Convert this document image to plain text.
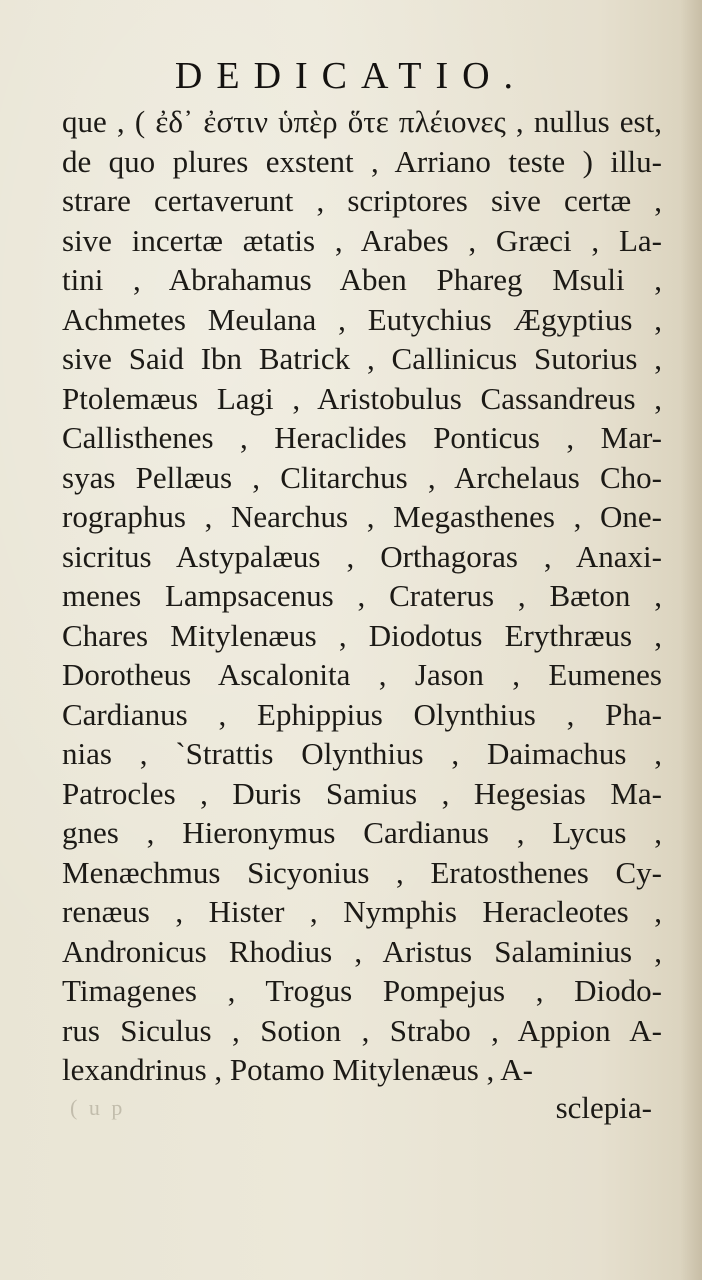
DEDICATIO.
que , ( ἐδ᾽ ἐστιν ὑπὲρ ὅτε πλέιονες , nullus est,
de quo plures exstent , Arriano teste ) illu-
strare certaverunt , scriptores sive certæ ,
sive incertæ ætatis , Arabes , Græci , La-
tini , Abrahamus Aben Phareg Msuli ,
Achmetes Meulana , Eutychius Ægyptius ,
sive Said Ibn Batrick , Callinicus Sutorius ,
Ptolemæus Lagi , Aristobulus Cassandreus ,
Callisthenes , Heraclides Ponticus , Mar-
syas Pellæus , Clitarchus , Archelaus Cho-
rographus , Nearchus , Megasthenes , One-
sicritus Astypalæus , Orthagoras , Anaxi-
menes Lampsacenus , Craterus , Bæton ,
Chares Mitylenæus , Diodotus Erythræus ,
Dorotheus Ascalonita , Jason , Eumenes
Cardianus , Ephippius Olynthius , Pha-
nias , `Strattis Olynthius , Daimachus ,
Patrocles , Duris Samius , Hegesias Ma-
gnes , Hieronymus Cardianus , Lycus ,
Menæchmus Sicyonius , Eratosthenes Cy-
renæus , Hister , Nymphis Heracleotes ,
Andronicus Rhodius , Aristus Salaminius ,
Timagenes , Trogus Pompejus , Diodo-
rus Siculus , Sotion , Strabo , Appion A-
lexandrinus , Potamo Mitylenæus , A-
( u p	sclepia-
